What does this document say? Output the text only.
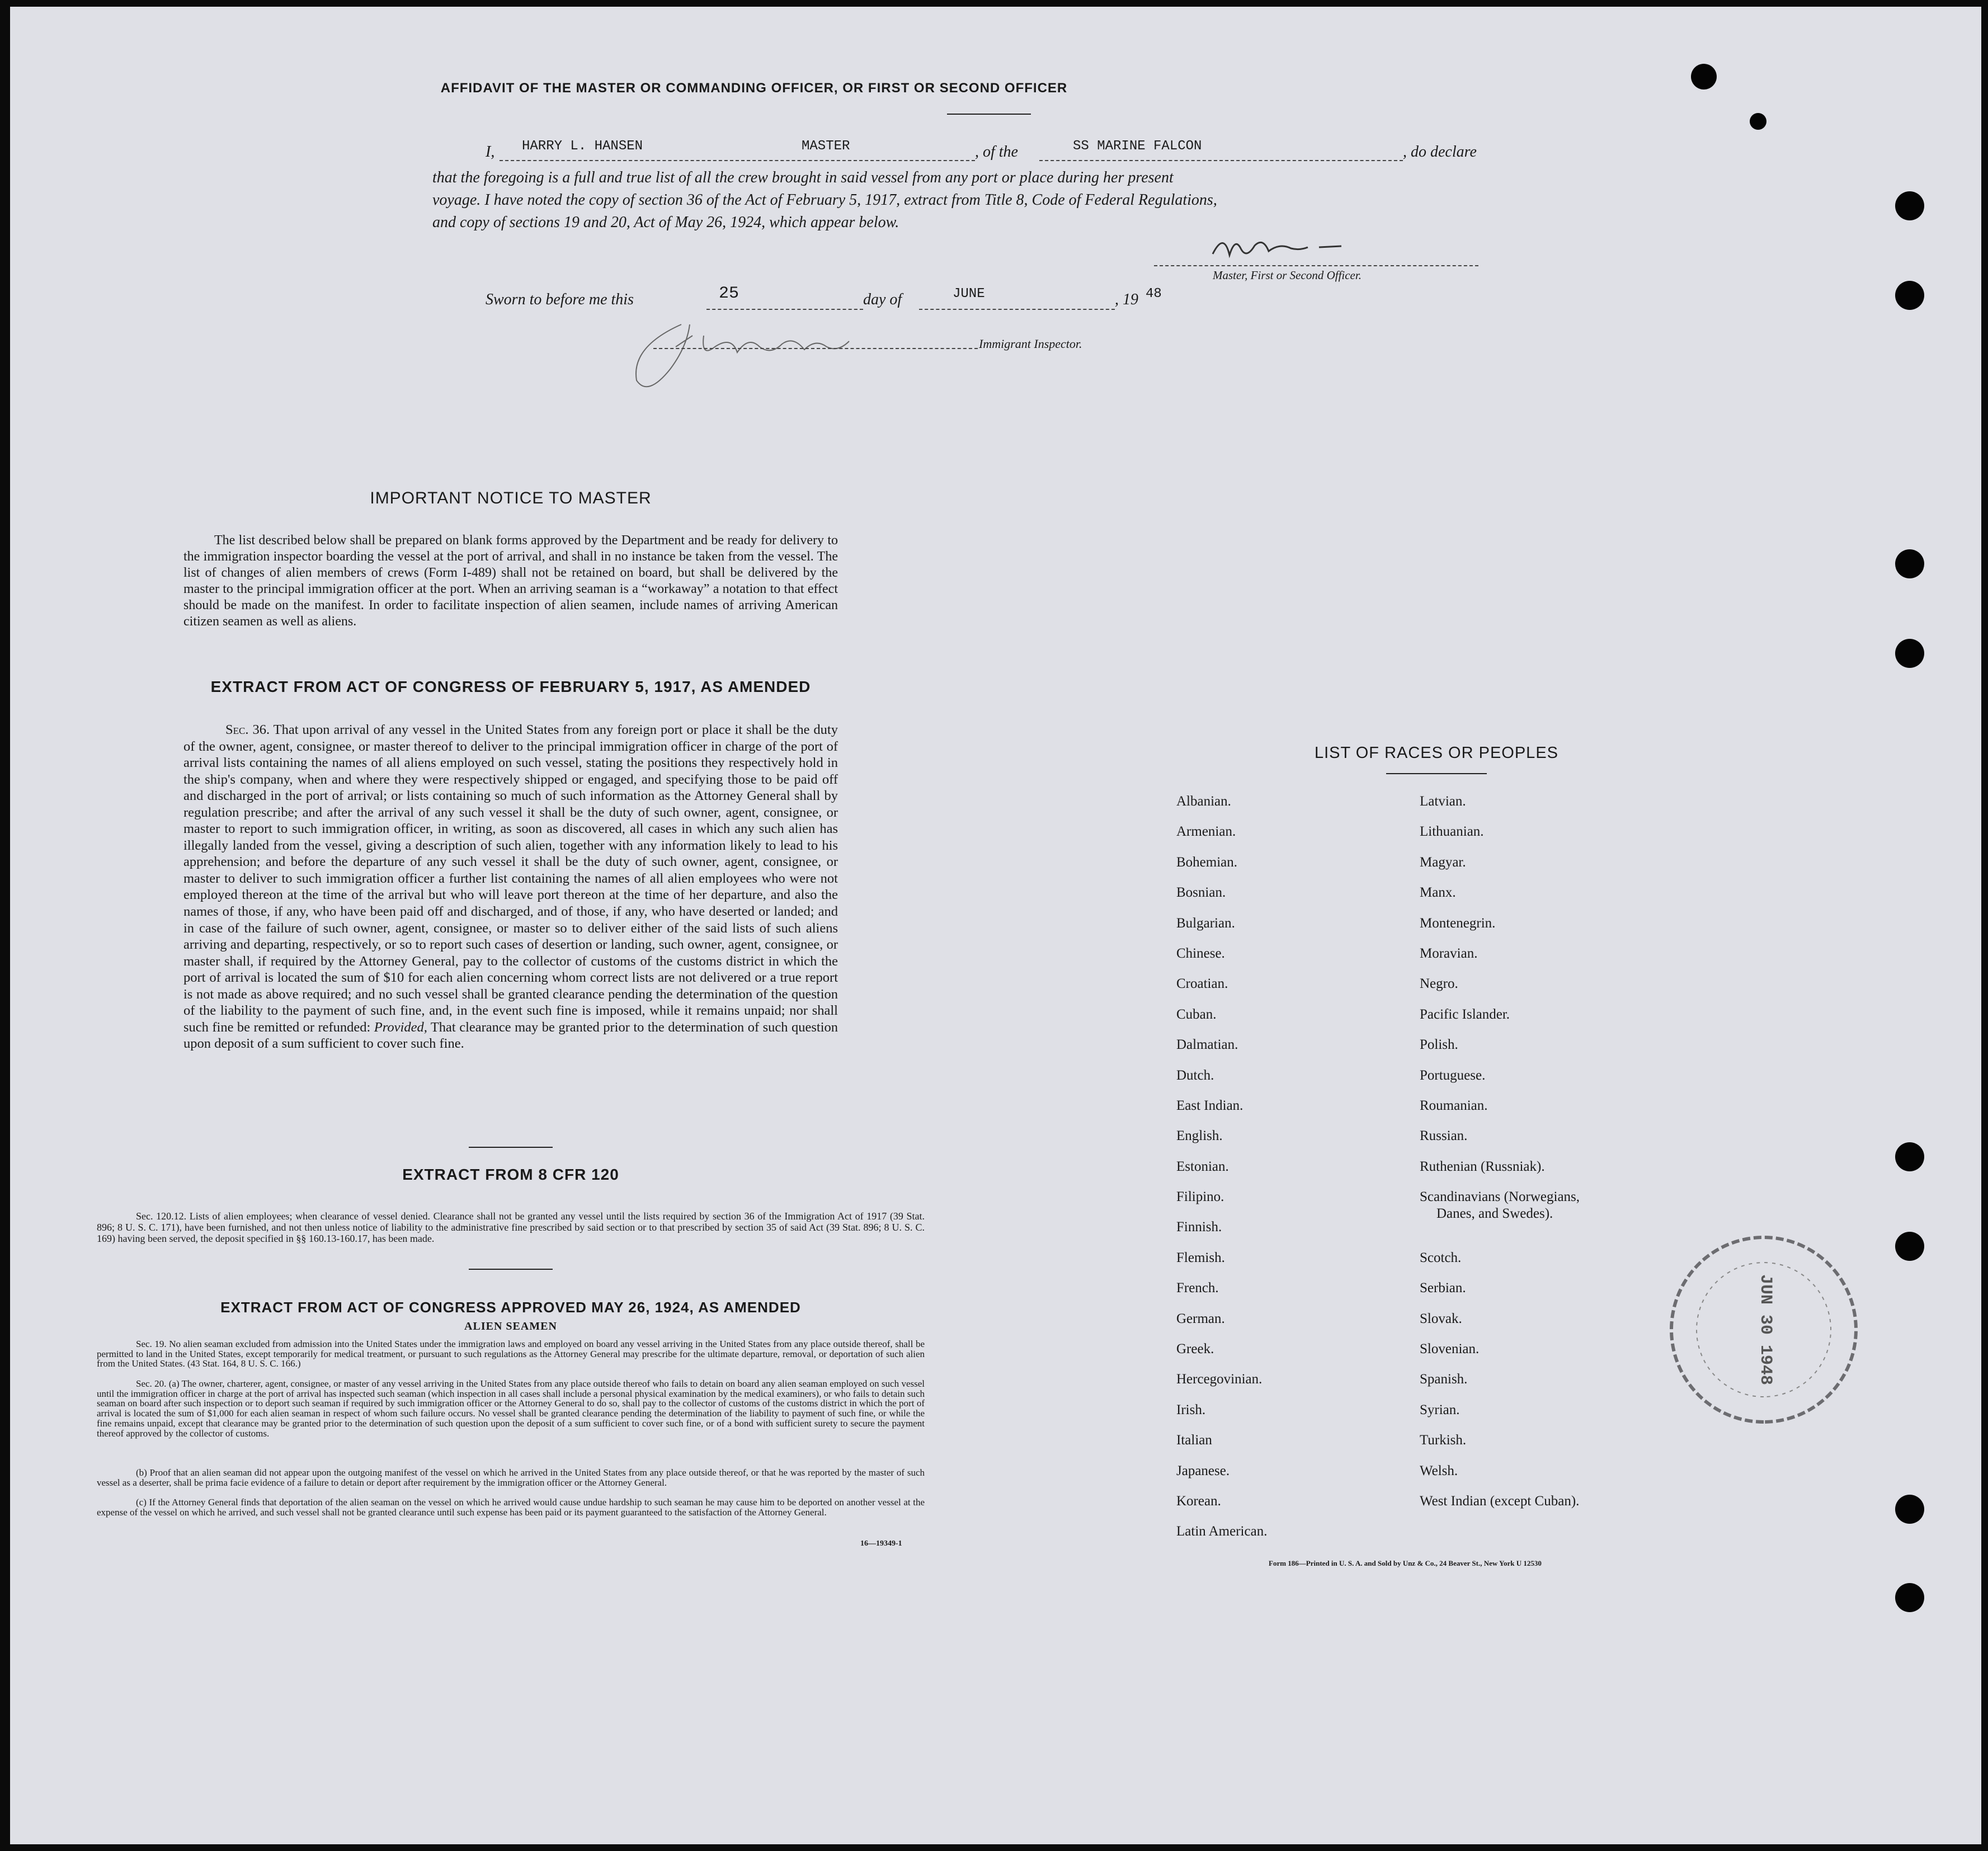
AFFIDAVIT OF THE MASTER OR COMMANDING OFFICER, OR FIRST OR SECOND OFFICER
I, HARRY L. HANSEN	MASTER	, of the	SS MARINE FALCON	, do declare
that the foregoing is a full and true list of all the crew brought in said vessel from any port or place during her present
voyage. I have noted the copy of section 36 of the Act of February 5, 1917, extract from Title 8, Code of Federal Regulations,
and copy of sections 19 and 20, Act of May 26, 1924, which appear below.
Master, First or Second Officer.
Sworn to before me this	25	day of	JUNE	, 19 48
Immigrant Inspector.
IMPORTANT NOTICE TO MASTER
The list described below shall be prepared on blank forms approved by the Department and be ready for delivery to the immigration inspector boarding the vessel at the port of arrival, and shall in no instance be taken from the vessel. The list of changes of alien members of crews (Form I-489) shall not be retained on board, but shall be delivered by the master to the principal immigration officer at the port. When an arriving seaman is a “workaway” a notation to that effect should be made on the manifest. In order to facilitate inspection of alien seamen, include names of arriving American citizen seamen as well as aliens.
EXTRACT FROM ACT OF CONGRESS OF FEBRUARY 5, 1917, AS AMENDED
Sec. 36. That upon arrival of any vessel in the United States from any foreign port or place it shall be the duty of the owner, agent, consignee, or master thereof to deliver to the principal immigration officer in charge of the port of arrival lists containing the names of all aliens employed on such vessel, stating the positions they respectively hold in the ship's company, when and where they were respectively shipped or engaged, and specifying those to be paid off and discharged in the port of arrival; or lists containing so much of such information as the Attorney General shall by regulation prescribe; and after the arrival of any such vessel it shall be the duty of such owner, agent, consignee, or master to report to such immigration officer, in writing, as soon as discovered, all cases in which any such alien has illegally landed from the vessel, giving a description of such alien, together with any information likely to lead to his apprehension; and before the departure of any such vessel it shall be the duty of such owner, agent, consignee, or master to deliver to such immigration officer a further list containing the names of all alien employees who were not employed thereon at the time of the arrival but who will leave port thereon at the time of her departure, and also the names of those, if any, who have been paid off and discharged, and of those, if any, who have deserted or landed; and in case of the failure of such owner, agent, consignee, or master so to deliver either of the said lists of such aliens arriving and departing, respectively, or so to report such cases of desertion or landing, such owner, agent, consignee, or master shall, if required by the Attorney General, pay to the collector of customs of the customs district in which the port of arrival is located the sum of $10 for each alien concerning whom correct lists are not delivered or a true report is not made as above required; and no such vessel shall be granted clearance pending the determination of the question of the liability to the payment of such fine, and, in the event such fine is imposed, while it remains unpaid; nor shall such fine be remitted or refunded: Provided, That clearance may be granted prior to the determination of such question upon deposit of a sum sufficient to cover such fine.
EXTRACT FROM 8 CFR 120
Sec. 120.12. Lists of alien employees; when clearance of vessel denied. Clearance shall not be granted any vessel until the lists required by section 36 of the Immigration Act of 1917 (39 Stat. 896; 8 U. S. C. 171), have been furnished, and not then unless notice of liability to the administrative fine prescribed by said section or to that prescribed by section 35 of said Act (39 Stat. 896; 8 U. S. C. 169) having been served, the deposit specified in §§ 160.13-160.17, has been made.
EXTRACT FROM ACT OF CONGRESS APPROVED MAY 26, 1924, AS AMENDED
ALIEN SEAMEN
Sec. 19. No alien seaman excluded from admission into the United States under the immigration laws and employed on board any vessel arriving in the United States from any place outside thereof, shall be permitted to land in the United States, except temporarily for medical treatment, or pursuant to such regulations as the Attorney General may prescribe for the ultimate departure, removal, or deportation of such alien from the United States. (43 Stat. 164, 8 U. S. C. 166.)
Sec. 20. (a) The owner, charterer, agent, consignee, or master of any vessel arriving in the United States from any place outside thereof who fails to detain on board any alien seaman employed on such vessel until the immigration officer in charge at the port of arrival has inspected such seaman (which inspection in all cases shall include a personal physical examination by the medical examiners), or who fails to detain such seaman on board after such inspection or to deport such seaman if required by such immigration officer or the Attorney General to do so, shall pay to the collector of customs of the customs district in which the port of arrival is located the sum of $1,000 for each alien seaman in respect of whom such failure occurs. No vessel shall be granted clearance pending the determination of the liability to payment of such fine, or while the fine remains unpaid, except that clearance may be granted prior to the determination of such question upon the deposit of a sum sufficient to cover such fine, or of a bond with sufficient surety to secure the payment thereof approved by the collector of customs.
(b) Proof that an alien seaman did not appear upon the outgoing manifest of the vessel on which he arrived in the United States from any place outside thereof, or that he was reported by the master of such vessel as a deserter, shall be prima facie evidence of a failure to detain or deport after requirement by the immigration officer or the Attorney General.
(c) If the Attorney General finds that deportation of the alien seaman on the vessel on which he arrived would cause undue hardship to such seaman he may cause him to be deported on another vessel at the expense of the vessel on which he arrived, and such vessel shall not be granted clearance until such expense has been paid or its payment guaranteed to the satisfaction of the Attorney General.
16—19349-1
LIST OF RACES OR PEOPLES
Albanian.
Armenian.
Bohemian.
Bosnian.
Bulgarian.
Chinese.
Croatian.
Cuban.
Dalmatian.
Dutch.
East Indian.
English.
Estonian.
Filipino.
Finnish.
Flemish.
French.
German.
Greek.
Hercegovinian.
Irish.
Italian
Japanese.
Korean.
Latin American.
Latvian.
Lithuanian.
Magyar.
Manx.
Montenegrin.
Moravian.
Negro.
Pacific Islander.
Polish.
Portuguese.
Roumanian.
Russian.
Ruthenian (Russniak).
Scandinavians (Norwegians,
Danes, and Swedes).
Scotch.
Serbian.
Slovak.
Slovenian.
Spanish.
Syrian.
Turkish.
Welsh.
West Indian (except Cuban).
Form 186—Printed in U. S. A. and Sold by Unz & Co., 24 Beaver St., New York U 12530
JUN 30 1948
